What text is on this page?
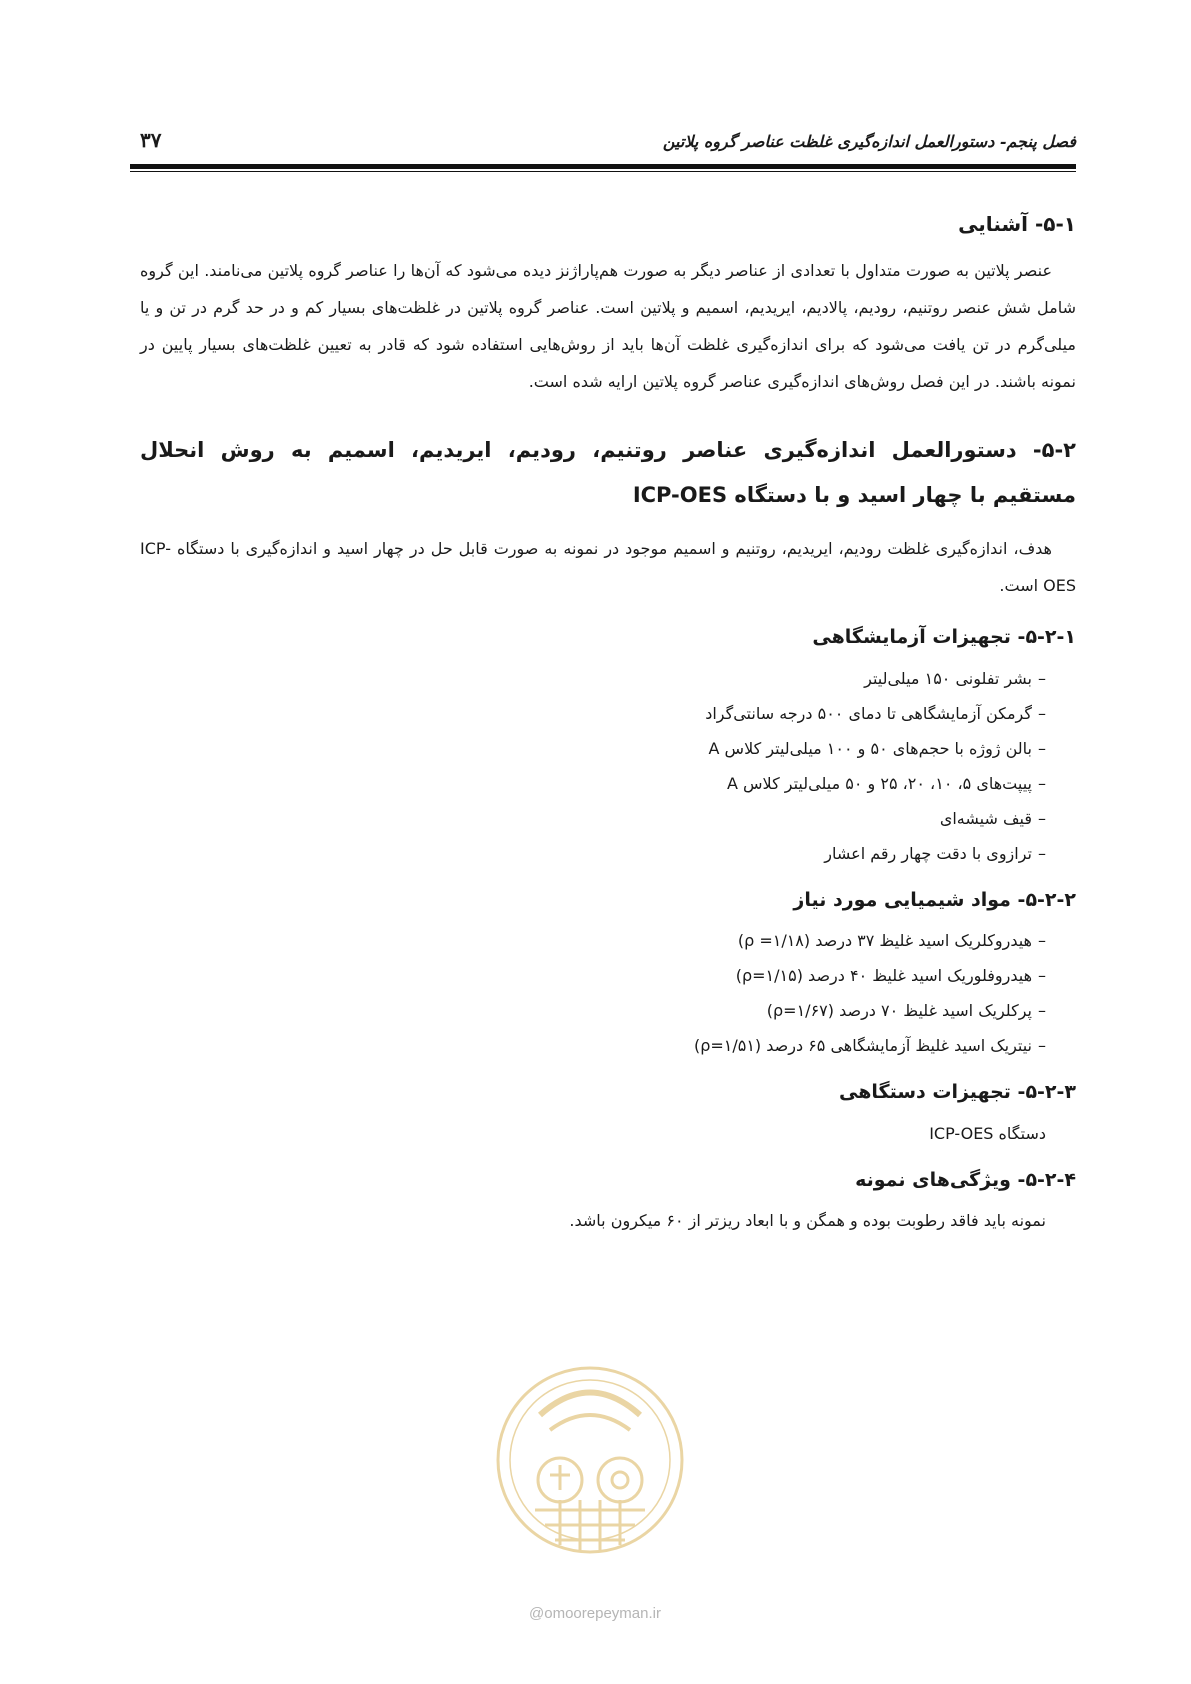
فصل پنجم- دستورالعمل اندازه‌گیری غلظت عناصر گروه پلاتین
۳۷
۵-۱- آشنایی

عنصر پلاتین به صورت متداول با تعدادی از عناصر دیگر به صورت هم‌پاراژنز دیده می‌شود که آن‌ها را عناصر گروه پلاتین می‌نامند. این گروه شامل شش عنصر روتنیم، رودیم، پالادیم، ایریدیم، اسمیم و پلاتین است. عناصر گروه پلاتین در غلظت‌های بسیار کم و در حد گرم در تن و یا میلی‌گرم در تن یافت می‌شود که برای اندازه‌گیری غلظت آن‌ها باید از روش‌هایی استفاده شود که قادر به تعیین غلظت‌های بسیار پایین در نمونه باشند. در این فصل روش‌های اندازه‌گیری عناصر گروه پلاتین ارایه شده است.

۵-۲- دستورالعمل اندازه‌گیری عناصر روتنیم، رودیم، ایریدیم، اسمیم به روش انحلال مستقیم با چهار اسید و با دستگاه ICP-OES

هدف، اندازه‌گیری غلظت رودیم، ایریدیم، روتنیم و اسمیم موجود در نمونه به صورت قابل حل در چهار اسید و اندازه‌گیری با دستگاه ICP-OES است.

۵-۲-۱- تجهیزات آزمایشگاهی
–بشر تفلونی ۱۵۰ میلی‌لیتر
–گرمکن آزمایشگاهی تا دمای ۵۰۰ درجه سانتی‌گراد
–بالن ژوژه با حجم‌های ۵۰ و ۱۰۰ میلی‌لیتر کلاس A
–پیپت‌های ۵، ۱۰، ۲۰، ۲۵ و ۵۰ میلی‌لیتر کلاس A
–قیف شیشه‌ای
–ترازوی با دقت چهار رقم اعشار
۵-۲-۲- مواد شیمیایی مورد نیاز
–هیدروکلریک اسید غلیظ ۳۷ درصد (ρ =۱/۱۸)
–هیدروفلوریک اسید غلیظ ۴۰ درصد (ρ=۱/۱۵)
–پرکلریک اسید غلیظ ۷۰ درصد (ρ=۱/۶۷)
–نیتریک اسید غلیظ آزمایشگاهی ۶۵ درصد (ρ=۱/۵۱)
۵-۲-۳- تجهیزات دستگاهی
دستگاه ICP-OES
۵-۲-۴- ویژگی‌های نمونه
نمونه باید فاقد رطوبت بوده و همگن و با ابعاد ریزتر از ۶۰ میکرون باشد.
@omoorepeyman.ir
